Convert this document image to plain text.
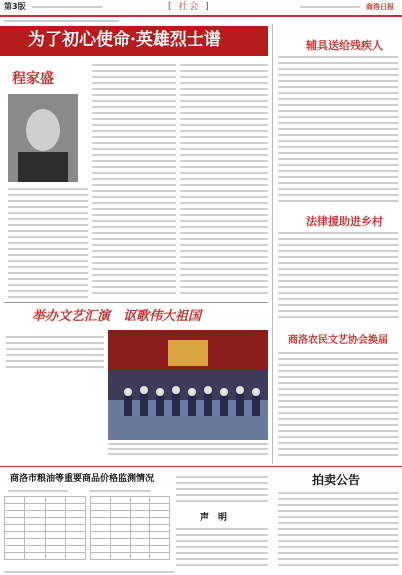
第3版	[ 社会 ]	商洛日报
为了初心使命·英雄烈士谱
程家盛
举办文艺汇演　讴歌伟大祖国
辅具送给残疾人
法律援助进乡村
商洛农民文艺协会换届
商洛市粮油等重要商品价格监测情况

声　明
拍卖公告
